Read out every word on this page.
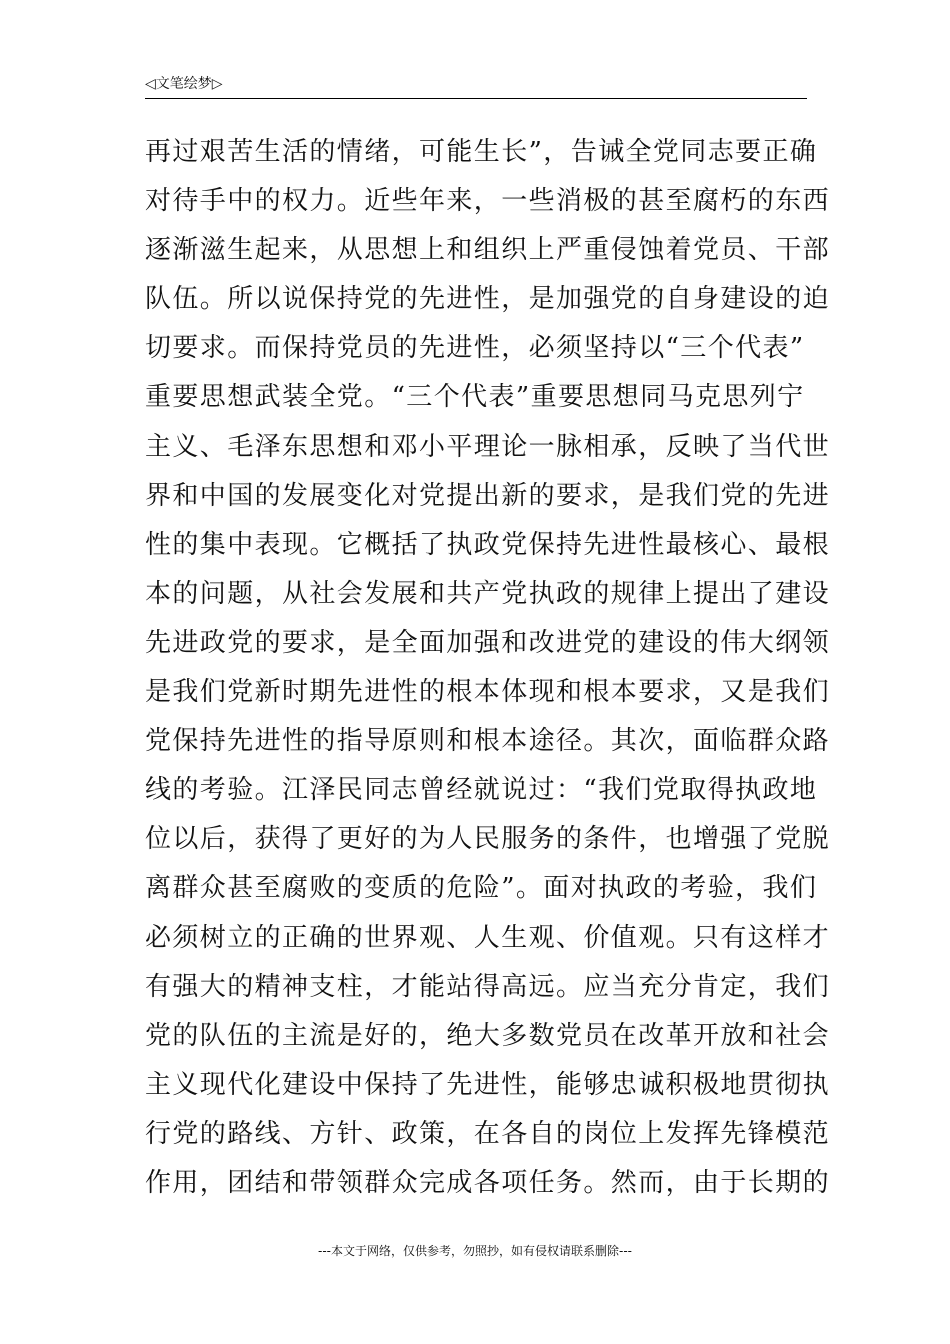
◁文笔绘梦▷
再过艰苦生活的情绪，可能生长”，告诫全党同志要正确
对待手中的权力。近些年来，一些消极的甚至腐朽的东西
逐渐滋生起来，从思想上和组织上严重侵蚀着党员、干部
队伍。所以说保持党的先进性，是加强党的自身建设的迫
切要求。而保持党员的先进性，必须坚持以“三个代表”
重要思想武装全党。“三个代表”重要思想同马克思列宁
主义、毛泽东思想和邓小平理论一脉相承，反映了当代世
界和中国的发展变化对党提出新的要求，是我们党的先进
性的集中表现。它概括了执政党保持先进性最核心、最根
本的问题，从社会发展和共产党执政的规律上提出了建设
先进政党的要求，是全面加强和改进党的建设的伟大纲领
是我们党新时期先进性的根本体现和根本要求，又是我们
党保持先进性的指导原则和根本途径。其次，面临群众路
线的考验。江泽民同志曾经就说过：“我们党取得执政地
位以后，获得了更好的为人民服务的条件，也增强了党脱
离群众甚至腐败的变质的危险”。面对执政的考验，我们
必须树立的正确的世界观、人生观、价值观。只有这样才
有强大的精神支柱，才能站得高远。应当充分肯定，我们
党的队伍的主流是好的，绝大多数党员在改革开放和社会
主义现代化建设中保持了先进性，能够忠诚积极地贯彻执
行党的路线、方针、政策，在各自的岗位上发挥先锋模范
作用，团结和带领群众完成各项任务。然而，由于长期的
---本文于网络，仅供参考，勿照抄，如有侵权请联系删除---
